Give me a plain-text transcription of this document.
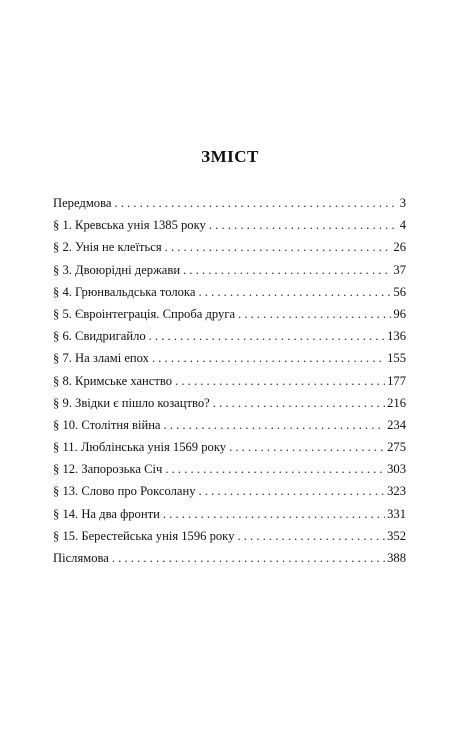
ЗМІСТ
Передмова . . .	3
§ 1. Кревська унія 1385 року . . .	4
§ 2. Унія не клеїться . . .	26
§ 3. Двоюрідні держави . . .	37
§ 4. Грюнвальдська толока . . .	56
§ 5. Євроінтеграція. Спроба друга . . .	96
§ 6. Свидригайло . . .	136
§ 7. На зламі епох . . .	155
§ 8. Кримське ханство . . .	177
§ 9. Звідки є пішло козацтво? . . .	216
§ 10. Столітня війна . . .	234
§ 11. Люблінська унія 1569 року . . .	275
§ 12. Запорозька Січ . . .	303
§ 13. Слово про Роксолану . . .	323
§ 14. На два фронти . . .	331
§ 15. Берестейська унія 1596 року . . .	352
Післямова . . .	388
